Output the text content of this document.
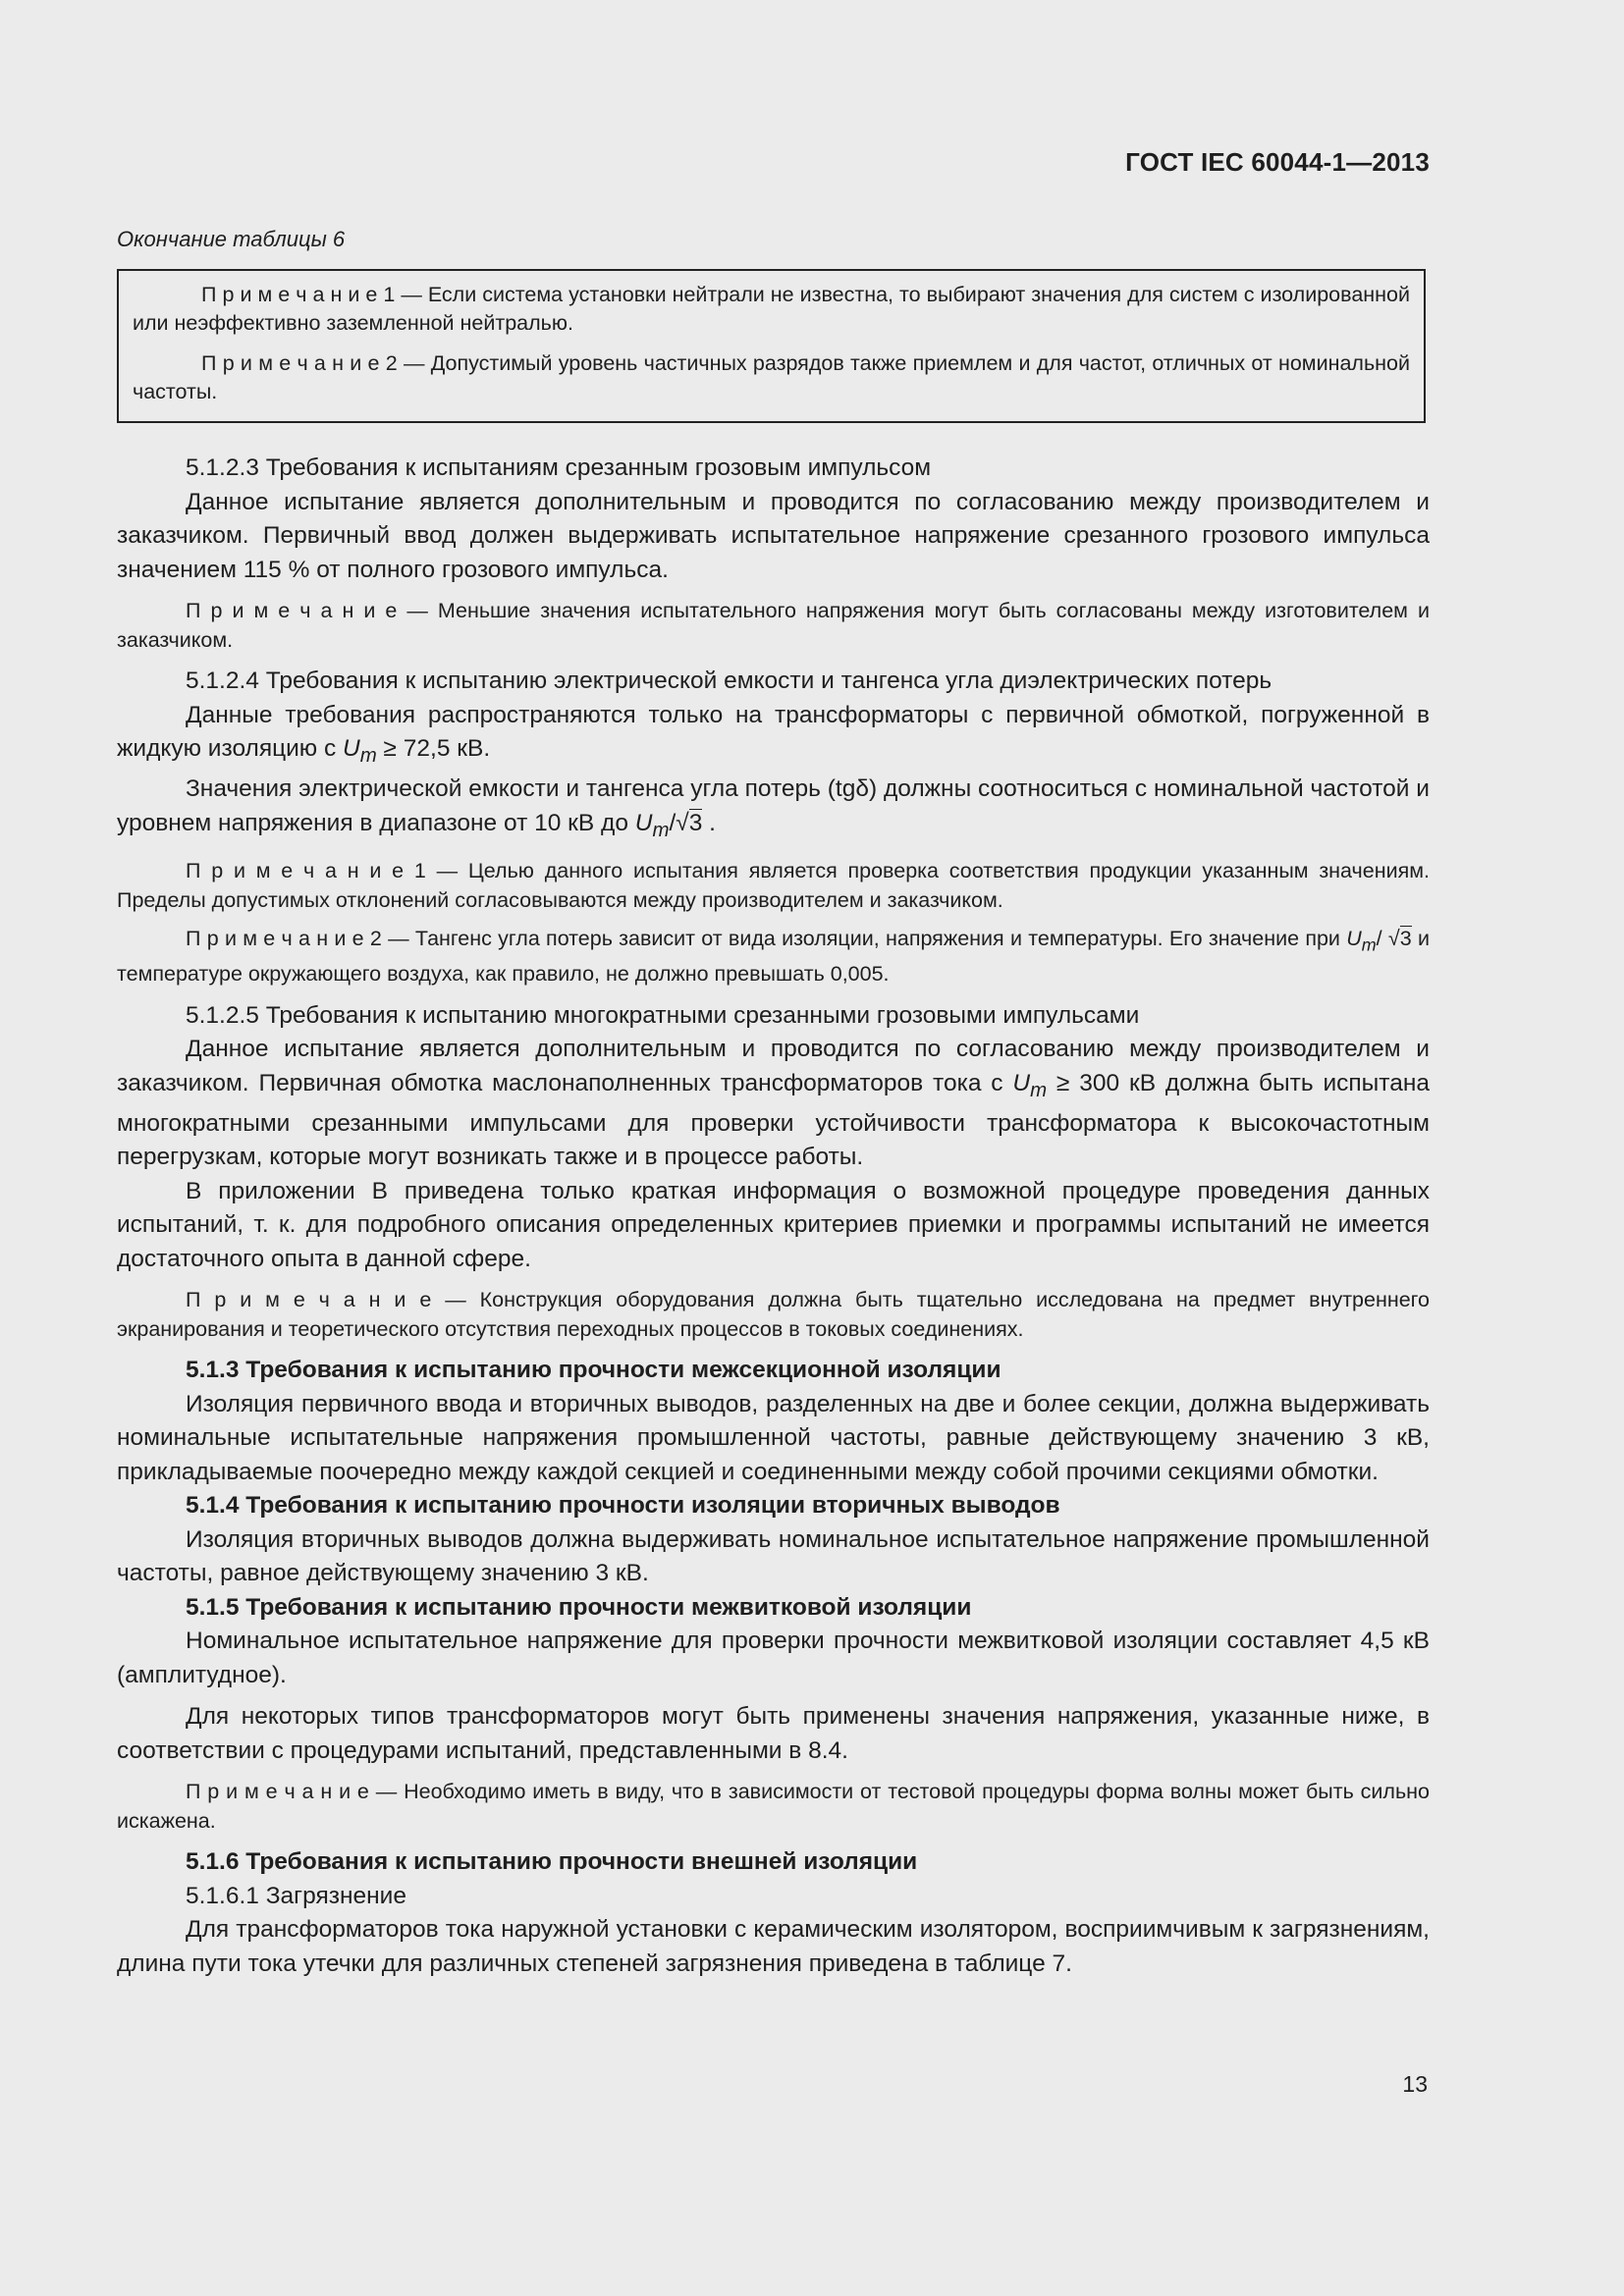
ГОСТ IEC 60044-1—2013
Окончание таблицы 6

П р и м е ч а н и е 1 — Если система установки нейтрали не известна, то выбирают значения для систем с изолированной или неэффективно заземленной нейтралью.

П р и м е ч а н и е 2 — Допустимый уровень частичных разрядов также приемлем и для частот, отличных от номинальной частоты.

5.1.2.3 Требования к испытаниям срезанным грозовым импульсом

Данное испытание является дополнительным и проводится по согласованию между производителем и заказчиком. Первичный ввод должен выдерживать испытательное напряжение срезанного грозового импульса значением 115 % от полного грозового импульса.

П р и м е ч а н и е — Меньшие значения испытательного напряжения могут быть согласованы между изготовителем и заказчиком.

5.1.2.4 Требования к испытанию электрической емкости и тангенса угла диэлектрических потерь

Данные требования распространяются только на трансформаторы с первичной обмоткой, погруженной в жидкую изоляцию с $U_m \ge 72,5$ кВ.

Значения электрической емкости и тангенса угла потерь (tgδ) должны соотноситься с номинальной частотой и уровнем напряжения в диапазоне от 10 кВ до $U_m/√3$ .

П р и м е ч а н и е 1 — Целью данного испытания является проверка соответствия продукции указанным значениям. Пределы допустимых отклонений согласовываются между производителем и заказчиком.

П р и м е ч а н и е 2 — Тангенс угла потерь зависит от вида изоляции, напряжения и температуры. Его значение при $U_m/$ √3 и температуре окружающего воздуха, как правило, не должно превышать 0,005.

5.1.2.5 Требования к испытанию многократными срезанными грозовыми импульсами

Данное испытание является дополнительным и проводится по согласованию между производителем и заказчиком. Первичная обмотка маслонаполненных трансформаторов тока с $U_m \ge 300$ кВ должна быть испытана многократными срезанными импульсами для проверки устойчивости трансформатора к высокочастотным перегрузкам, которые могут возникать также и в процессе работы.

В приложении В приведена только краткая информация о возможной процедуре проведения данных испытаний, т. к. для подробного описания определенных критериев приемки и программы испытаний не имеется достаточного опыта в данной сфере.

П р и м е ч а н и е — Конструкция оборудования должна быть тщательно исследована на предмет внутреннего экранирования и теоретического отсутствия переходных процессов в токовых соединениях.

5.1.3 Требования к испытанию прочности межсекционной изоляции

Изоляция первичного ввода и вторичных выводов, разделенных на две и более секции, должна выдерживать номинальные испытательные напряжения промышленной частоты, равные действующему значению 3 кВ, прикладываемые поочередно между каждой секцией и соединенными между собой прочими секциями обмотки.

5.1.4 Требования к испытанию прочности изоляции вторичных выводов

Изоляция вторичных выводов должна выдерживать номинальное испытательное напряжение промышленной частоты, равное действующему значению 3 кВ.

5.1.5 Требования к испытанию прочности межвитковой изоляции

Номинальное испытательное напряжение для проверки прочности межвитковой изоляции составляет 4,5 кВ (амплитудное).

Для некоторых типов трансформаторов могут быть применены значения напряжения, указанные ниже, в соответствии с процедурами испытаний, представленными в 8.4.

П р и м е ч а н и е — Необходимо иметь в виду, что в зависимости от тестовой процедуры форма волны может быть сильно искажена.

5.1.6 Требования к испытанию прочности внешней изоляции

5.1.6.1 Загрязнение

Для трансформаторов тока наружной установки с керамическим изолятором, восприимчивым к загрязнениям, длина пути тока утечки для различных степеней загрязнения приведена в таблице 7.

13
